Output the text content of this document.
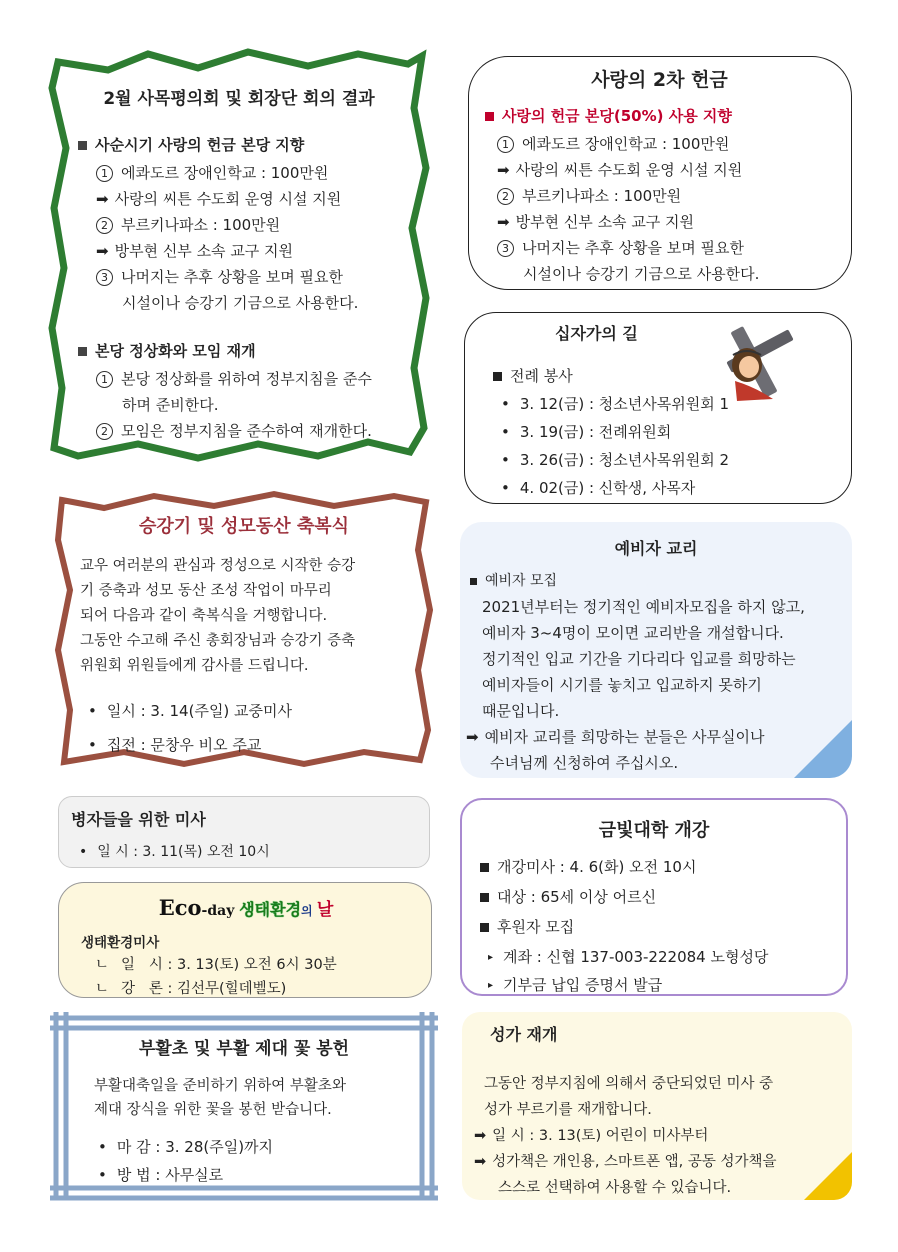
2월 사목평의회 및 회장단 회의 결과
사순시기 사랑의 헌금 본당 지향
1 에콰도르 장애인학교 : 100만원
➡ 사랑의 씨튼 수도회 운영 시설 지원
2 부르키나파소 : 100만원
➡ 방부현 신부 소속 교구 지원
3 나머지는 추후 상황을 보며 필요한
시설이나 승강기 기금으로 사용한다.
본당 정상화와 모임 재개
1 본당 정상화를 위하여 정부지침을 준수
하며 준비한다.
2 모임은 정부지침을 준수하여 재개한다.
사랑의 2차 헌금
사랑의 헌금 본당(50%) 사용 지향
1 에콰도르 장애인학교 : 100만원
➡ 사랑의 씨튼 수도회 운영 시설 지원
2 부르키나파소 : 100만원
➡ 방부현 신부 소속 교구 지원
3 나머지는 추후 상황을 보며 필요한
시설이나 승강기 기금으로 사용한다.
십자가의 길
전례 봉사
• 3. 12(금) : 청소년사목위원회 1
• 3. 19(금) : 전례위원회
• 3. 26(금) : 청소년사목위원회 2
• 4. 02(금) : 신학생, 사목자
승강기 및 성모동산 축복식
교우 여러분의 관심과 정성으로 시작한 승강
기 증축과 성모 동산 조성 작업이 마무리
되어 다음과 같이 축복식을 거행합니다.
그동안 수고해 주신 총회장님과 승강기 증축
위원회 위원들에게 감사를 드립니다.
• 일시 : 3. 14(주일) 교중미사
• 집전 : 문창우 비오 주교
예비자 교리
예비자 모집
2021년부터는 정기적인 예비자모집을 하지 않고,
예비자 3~4명이 모이면 교리반을 개설합니다.
정기적인 입교 기간을 기다리다 입교를 희망하는
예비자들이 시기를 놓치고 입교하지 못하기
때문입니다.
➡ 예비자 교리를 희망하는 분들은 사무실이나
수녀님께 신청하여 주십시오.
병자들을 위한 미사
• 일 시 : 3. 11(목) 오전 10시
Eco-day 생태환경의 날
생태환경미사
ㄴ 일   시 : 3. 13(토) 오전 6시 30분
ㄴ 강   론 : 김선무(힐데벨도)
금빛대학 개강
개강미사 : 4. 6(화) 오전 10시
대상 : 65세 이상 어르신
후원자 모집
▸ 계좌 : 신협 137-003-222084 노형성당
▸ 기부금 납입 증명서 발급
부활초 및 부활 제대 꽃 봉헌
부활대축일을 준비하기 위하여 부활초와
제대 장식을 위한 꽃을 봉헌 받습니다.
• 마 감 : 3. 28(주일)까지
• 방 법 : 사무실로
성가 재개
그동안 정부지침에 의해서 중단되었던 미사 중
성가 부르기를 재개합니다.
➡ 일 시 : 3. 13(토) 어린이 미사부터
➡ 성가책은 개인용, 스마트폰 앱, 공동 성가책을
스스로 선택하여 사용할 수 있습니다.
